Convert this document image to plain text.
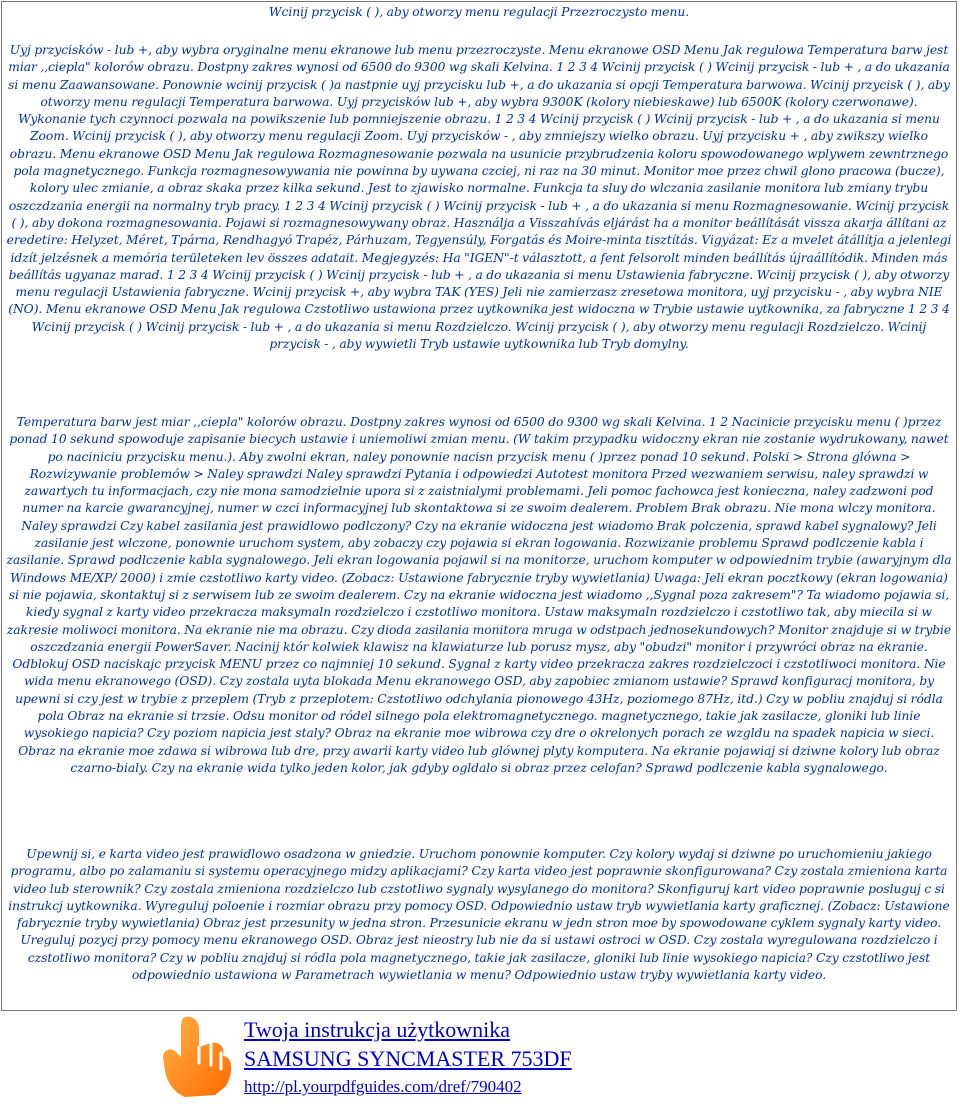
Wcinij przycisk ( ), aby otworzy menu regulacji Przezroczysto menu.

Uyj przycisków - lub +, aby wybra oryginalne menu ekranowe lub menu przezroczyste. Menu ekranowe OSD Menu Jak regulowa Temperatura barw jest miar ,,ciepla" kolorów obrazu. Dostpny zakres wynosi od 6500 do 9300 wg skali Kelvina. 1 2 3 4 Wcinij przycisk ( ) Wcinij przycisk - lub + , a do ukazania si menu Zaawansowane. Ponownie wcinij przycisk ( )a nastpnie uyj przycisku lub +, a do ukazania si opcji Temperatura barwowa. Wcinij przycisk ( ), aby otworzy menu regulacji Temperatura barwowa. Uyj przycisków lub +, aby wybra 9300K (kolory niebieskawe) lub 6500K (kolory czerwonawe). Wykonanie tych czynnoci pozwala na powikszenie lub pomniejszenie obrazu. 1 2 3 4 Wcinij przycisk ( ) Wcinij przycisk - lub + , a do ukazania si menu Zoom. Wcinij przycisk ( ), aby otworzy menu regulacji Zoom. Uyj przycisków - , aby zmniejszy wielko obrazu. Uyj przycisku + , aby zwikszy wielko obrazu. Menu ekranowe OSD Menu Jak regulowa Rozmagnesowanie pozwala na usunicie przybrudzenia koloru spowodowanego wplywem zewntrznego pola magnetycznego. Funkcja rozmagnesowywania nie powinna by uywana czciej, ni raz na 30 minut. Monitor moe przez chwil glono pracowa (bucze), kolory ulec zmianie, a obraz skaka przez kilka sekund. Jest to zjawisko normalne. Funkcja ta sluy do wlczania zasilanie monitora lub zmiany trybu oszczdzania energii na normalny tryb pracy. 1 2 3 4 Wcinij przycisk ( ) Wcinij przycisk - lub + , a do ukazania si menu Rozmagnesowanie. Wcinij przycisk ( ), aby dokona rozmagnesowania. Pojawi si rozmagnesowywany obraz. Használja a Visszahívás eljárást ha a monitor beállítását vissza akarja állítani az eredetire: Helyzet, Méret, Tpárna, Rendhagyó Trapéz, Párhuzam, Tegyensúly, Forgatás és Moire-minta tisztítás. Vigyázat: Ez a mvelet átállítja a jelenlegi idzít jelzésnek a memória területeken lev összes adatait. Megjegyzés: Ha "IGEN"-t választott, a fent felsorolt minden beállítás újraállítódik. Minden más beállítás ugyanaz marad. 1 2 3 4 Wcinij przycisk ( ) Wcinij przycisk - lub + , a do ukazania si menu Ustawienia fabryczne. Wcinij przycisk ( ), aby otworzy menu regulacji Ustawienia fabryczne. Wcinij przycisk +, aby wybra TAK (YES) Jeli nie zamierzasz zresetowa monitora, uyj przycisku - , aby wybra NIE (NO). Menu ekranowe OSD Menu Jak regulowa Czstotliwo ustawiona przez uytkownika jest widoczna w Trybie ustawie uytkownika, za fabryczne 1 2 3 4 Wcinij przycisk ( ) Wcinij przycisk - lub + , a do ukazania si menu Rozdzielczo. Wcinij przycisk ( ), aby otworzy menu regulacji Rozdzielczo. Wcinij przycisk - , aby wywietli Tryb ustawie uytkownika lub Tryb domylny.

Temperatura barw jest miar ,,ciepla" kolorów obrazu. Dostpny zakres wynosi od 6500 do 9300 wg skali Kelvina. 1 2 Nacinicie przycisku menu ( )przez ponad 10 sekund spowoduje zapisanie biecych ustawie i uniemoliwi zmian menu. (W takim przypadku widoczny ekran nie zostanie wydrukowany, nawet po naciniciu przycisku menu.). Aby zwolni ekran, naley ponownie nacisn przycisk menu ( )przez ponad 10 sekund. Polski > Strona glówna > Rozwizywanie problemów > Naley sprawdzi Naley sprawdzi Pytania i odpowiedzi Autotest monitora Przed wezwaniem serwisu, naley sprawdzi w zawartych tu informacjach, czy nie mona samodzielnie upora si z zaistnialymi problemami. Jeli pomoc fachowca jest konieczna, naley zadzwoni pod numer na karcie gwarancyjnej, numer w czci informacyjnej lub skontaktowa si ze swoim dealerem. Problem Brak obrazu. Nie mona wlczy monitora. Naley sprawdzi Czy kabel zasilania jest prawidlowo podlczony? Czy na ekranie widoczna jest wiadomo Brak polczenia, sprawd kabel sygnalowy? Jeli zasilanie jest wlczone, ponownie uruchom system, aby zobaczy czy pojawia si ekran logowania. Rozwizanie problemu Sprawd podlczenie kabla i zasilanie. Sprawd podlczenie kabla sygnalowego. Jeli ekran logowania pojawil si na monitorze, uruchom komputer w odpowiednim trybie (awaryjnym dla Windows ME/XP/ 2000) i zmie czstotliwo karty video. (Zobacz: Ustawione fabrycznie tryby wywietlania) Uwaga: Jeli ekran pocztkowy (ekran logowania) si nie pojawia, skontaktuj si z serwisem lub ze swoim dealerem. Czy na ekranie widoczna jest wiadomo ,,Sygnal poza zakresem"? Ta wiadomo pojawia si, kiedy sygnal z karty video przekracza maksymaln rozdzielczo i czstotliwo monitora. Ustaw maksymaln rozdzielczo i czstotliwo tak, aby miecila si w zakresie moliwoci monitora. Na ekranie nie ma obrazu. Czy dioda zasilania monitora mruga w odstpach jednosekundowych? Monitor znajduje si w trybie oszczdzania energii PowerSaver. Nacinij któr kolwiek klawisz na klawiaturze lub porusz mysz, aby "obudzi" monitor i przywróci obraz na ekranie. Odblokuj OSD naciskajc przycisk MENU przez co najmniej 10 sekund. Sygnal z karty video przekracza zakres rozdzielczoci i czstotliwoci monitora. Nie wida menu ekranowego (OSD). Czy zostala uyta blokada Menu ekranowego OSD, aby zapobiec zmianom ustawie? Sprawd konfiguracj monitora, by upewni si czy jest w trybie z przeplem (Tryb z przeplotem: Czstotliwo odchylania pionowego 43Hz, poziomego 87Hz, itd.) Czy w pobliu znajduj si ródla pola Obraz na ekranie si trzsie. Odsu monitor od ródel silnego pola elektromagnetycznego. magnetycznego, takie jak zasilacze, gloniki lub linie wysokiego napicia? Czy poziom napicia jest staly? Obraz na ekranie moe wibrowa czy dre o okrelonych porach ze wzgldu na spadek napicia w sieci. Obraz na ekranie moe zdawa si wibrowa lub dre, przy awarii karty video lub glównej plyty komputera. Na ekranie pojawiaj si dziwne kolory lub obraz czarno-bialy. Czy na ekranie wida tylko jeden kolor, jak gdyby ogldalo si obraz przez celofan? Sprawd podlczenie kabla sygnalowego.

Upewnij si, e karta video jest prawidlowo osadzona w gniedzie. Uruchom ponownie komputer. Czy kolory wydaj si dziwne po uruchomieniu jakiego programu, albo po zalamaniu si systemu operacyjnego midzy aplikacjami? Czy karta video jest poprawnie skonfigurowana? Czy zostala zmieniona karta video lub sterownik? Czy zostala zmieniona rozdzielczo lub czstotliwo sygnaly wysylanego do monitora? Skonfiguruj kart video poprawnie posluguj c si instrukcj uytkownika. Wyreguluj poloenie i rozmiar obrazu przy pomocy OSD. Odpowiednio ustaw tryb wywietlania karty graficznej. (Zobacz: Ustawione fabrycznie tryby wywietlania) Obraz jest przesunity w jedna stron. Przesunicie ekranu w jedn stron moe by spowodowane cyklem sygnaly karty video. Ureguluj pozycj przy pomocy menu ekranowego OSD. Obraz jest nieostry lub nie da si ustawi ostroci w OSD. Czy zostala wyregulowana rozdzielczo i czstotliwo monitora? Czy w pobliu znajduj si ródla pola magnetycznego, takie jak zasilacze, gloniki lub linie wysokiego napicia? Czy czstotliwo jest odpowiednio ustawiona w Parametrach wywietlania w menu? Odpowiednio ustaw tryby wywietlania karty video.

Twoja instrukcja użytkownika
SAMSUNG SYNCMASTER 753DF
http://pl.yourpdfguides.com/dref/790402
